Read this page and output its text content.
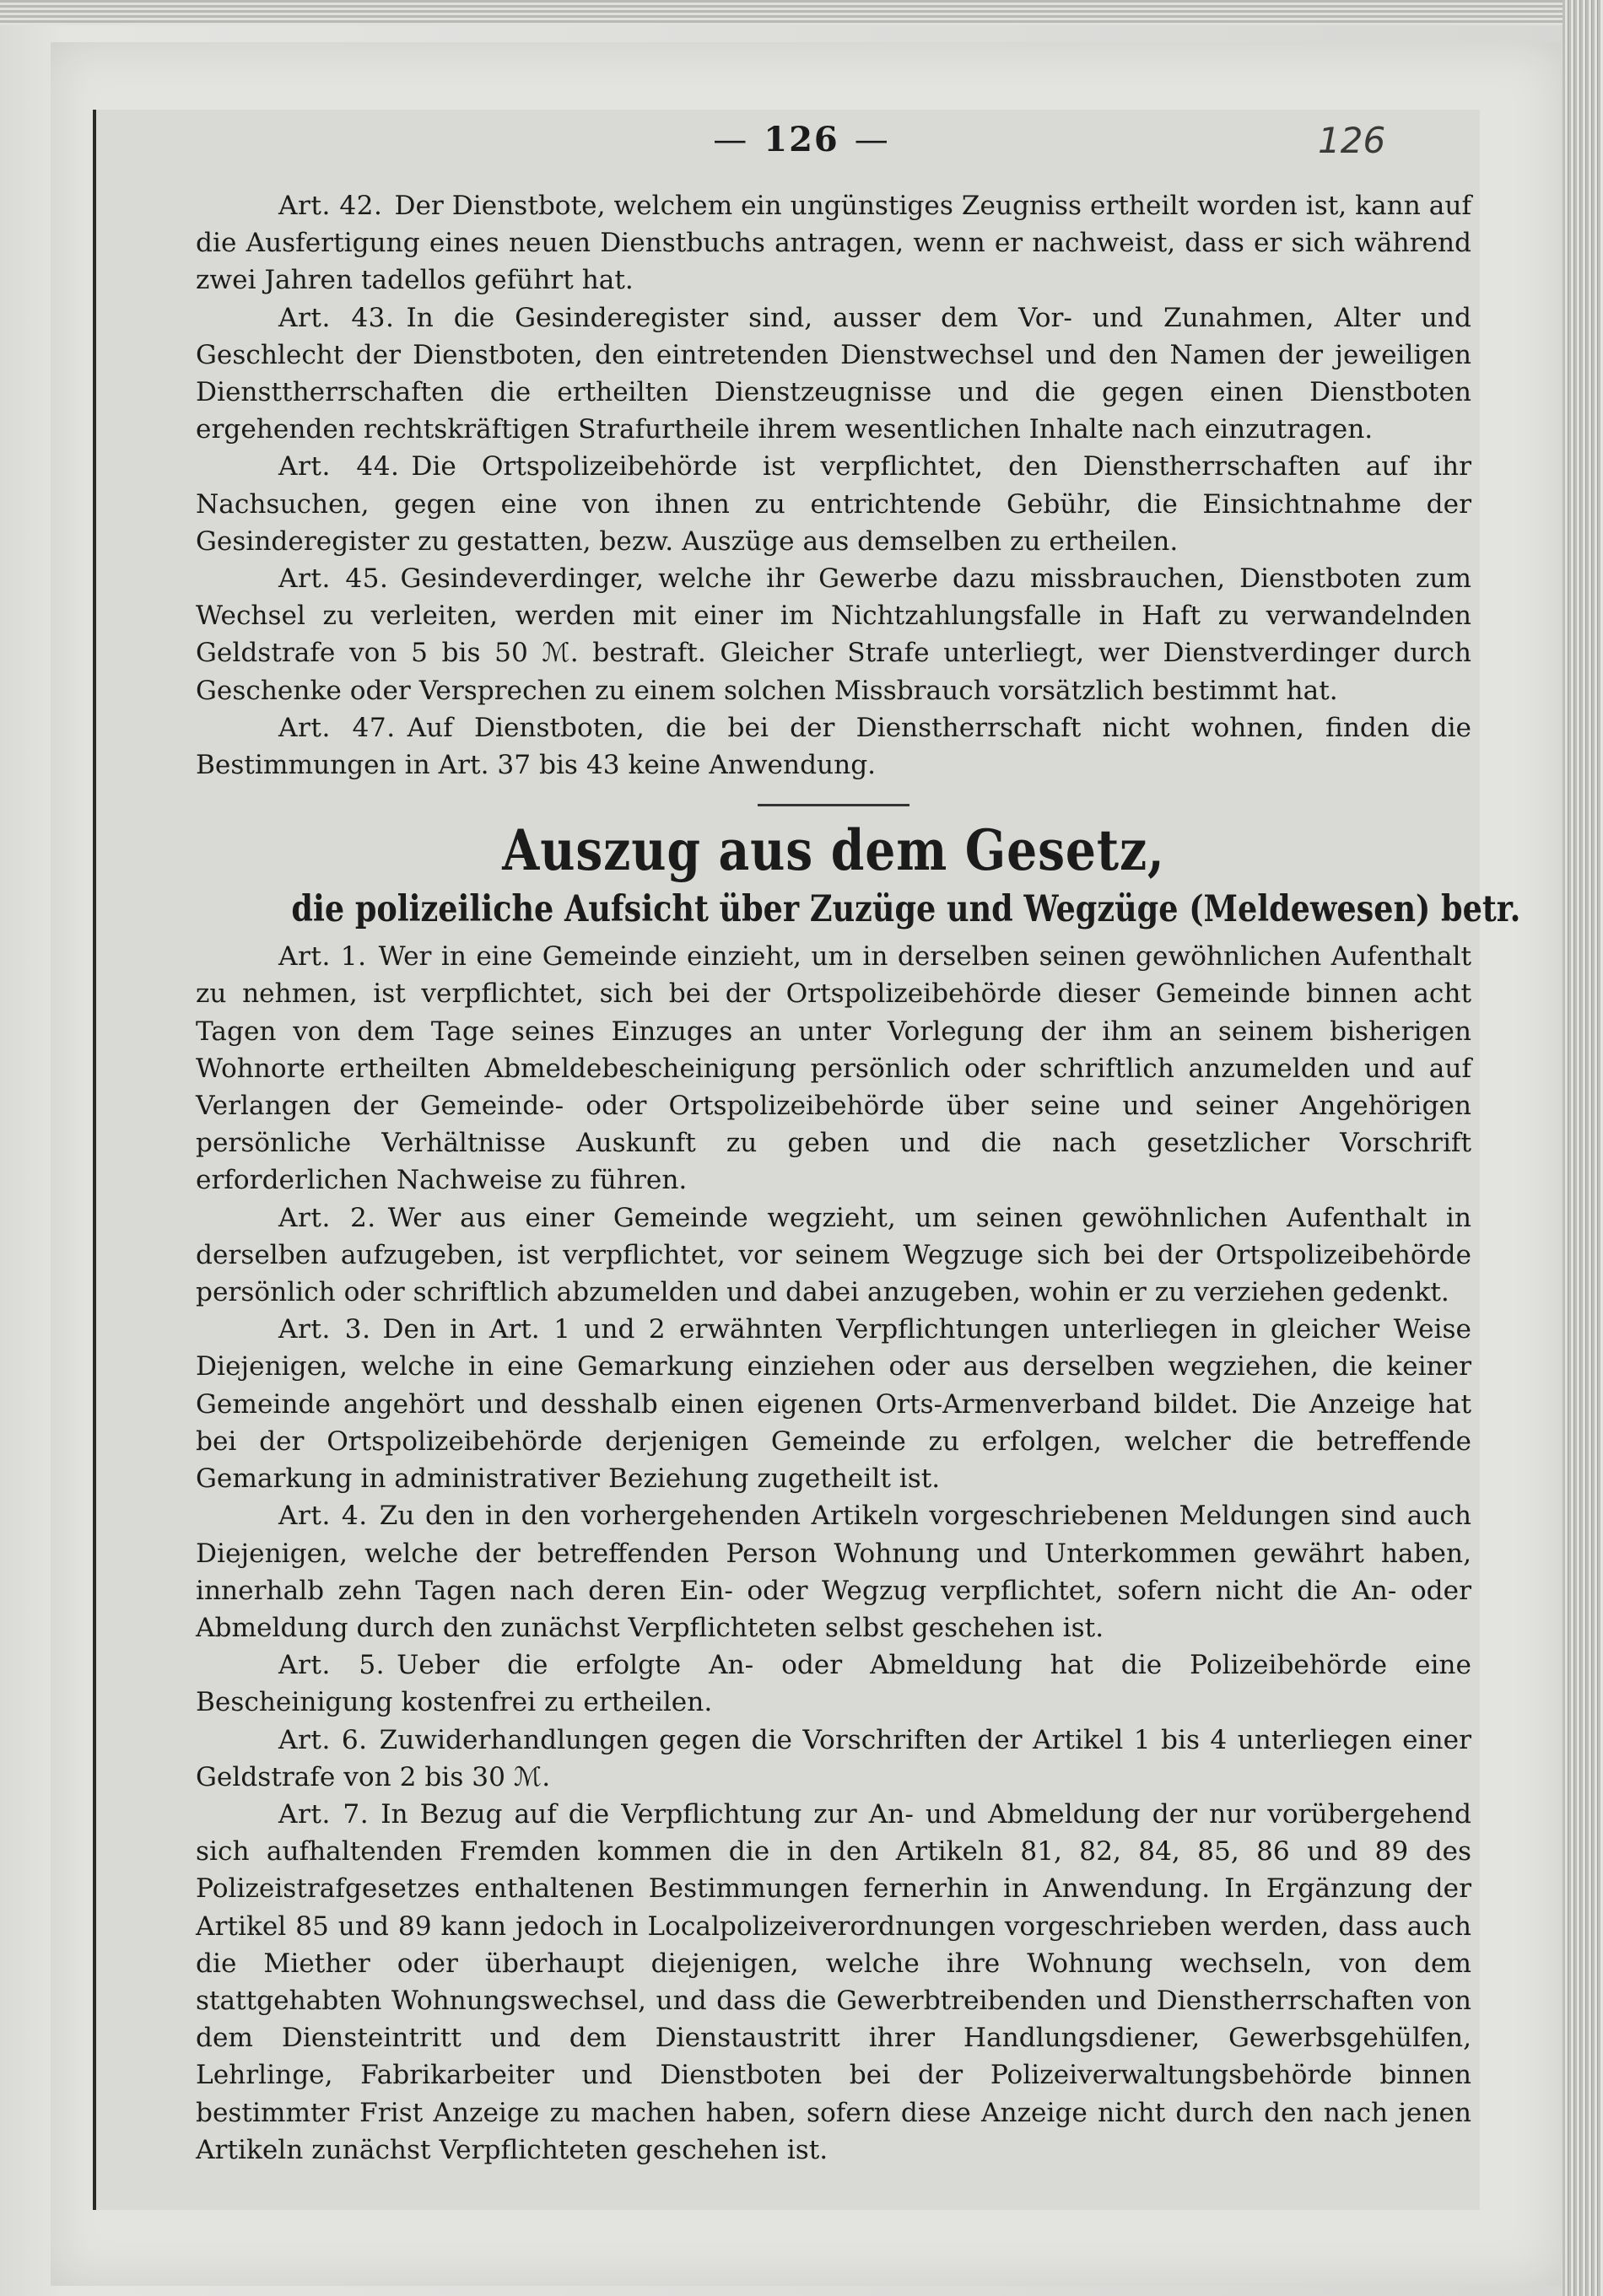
— 126 —	126

Art. 42. Der Dienstbote, welchem ein ungünstiges Zeugniss ertheilt worden ist, kann auf die Ausfertigung eines neuen Dienstbuchs antragen, wenn er nachweist, dass er sich während zwei Jahren tadellos geführt hat.

Art. 43. In die Gesinderegister sind, ausser dem Vor- und Zunahmen, Alter und Geschlecht der Dienstboten, den eintretenden Dienstwechsel und den Namen der jeweiligen Diensttherrschaften die ertheilten Dienstzeugnisse und die gegen einen Dienstboten ergehenden rechtskräftigen Strafurtheile ihrem wesentlichen Inhalte nach einzutragen.

Art. 44. Die Ortspolizeibehörde ist verpflichtet, den Dienstherrschaften auf ihr Nachsuchen, gegen eine von ihnen zu entrichtende Gebühr, die Einsichtnahme der Gesinderegister zu gestatten, bezw. Auszüge aus demselben zu ertheilen.

Art. 45. Gesindeverdinger, welche ihr Gewerbe dazu missbrauchen, Dienstboten zum Wechsel zu verleiten, werden mit einer im Nichtzahlungsfalle in Haft zu verwandelnden Geldstrafe von 5 bis 50 ℳ. bestraft. Gleicher Strafe unterliegt, wer Dienstverdinger durch Geschenke oder Versprechen zu einem solchen Missbrauch vorsätzlich bestimmt hat.

Art. 47. Auf Dienstboten, die bei der Dienstherrschaft nicht wohnen, finden die Bestimmungen in Art. 37 bis 43 keine Anwendung.

Auszug aus dem Gesetz,
die polizeiliche Aufsicht über Zuzüge und Wegzüge (Meldewesen) betr.

Art. 1. Wer in eine Gemeinde einzieht, um in derselben seinen gewöhnlichen Aufenthalt zu nehmen, ist verpflichtet, sich bei der Ortspolizeibehörde dieser Gemeinde binnen acht Tagen von dem Tage seines Einzuges an unter Vorlegung der ihm an seinem bisherigen Wohnorte ertheilten Abmeldebescheinigung persönlich oder schriftlich anzumelden und auf Verlangen der Gemeinde- oder Ortspolizeibehörde über seine und seiner Angehörigen persönliche Verhältnisse Auskunft zu geben und die nach gesetzlicher Vorschrift erforderlichen Nachweise zu führen.

Art. 2. Wer aus einer Gemeinde wegzieht, um seinen gewöhnlichen Aufenthalt in derselben aufzugeben, ist verpflichtet, vor seinem Wegzuge sich bei der Ortspolizeibehörde persönlich oder schriftlich abzumelden und dabei anzugeben, wohin er zu verziehen gedenkt.

Art. 3. Den in Art. 1 und 2 erwähnten Verpflichtungen unterliegen in gleicher Weise Diejenigen, welche in eine Gemarkung einziehen oder aus derselben wegziehen, die keiner Gemeinde angehört und desshalb einen eigenen Orts-Armenverband bildet. Die Anzeige hat bei der Ortspolizeibehörde derjenigen Gemeinde zu erfolgen, welcher die betreffende Gemarkung in administrativer Beziehung zugetheilt ist.

Art. 4. Zu den in den vorhergehenden Artikeln vorgeschriebenen Meldungen sind auch Diejenigen, welche der betreffenden Person Wohnung und Unterkommen gewährt haben, innerhalb zehn Tagen nach deren Ein- oder Wegzug verpflichtet, sofern nicht die An- oder Abmeldung durch den zunächst Verpflichteten selbst geschehen ist.

Art. 5. Ueber die erfolgte An- oder Abmeldung hat die Polizeibehörde eine Bescheinigung kostenfrei zu ertheilen.

Art. 6. Zuwiderhandlungen gegen die Vorschriften der Artikel 1 bis 4 unterliegen einer Geldstrafe von 2 bis 30 ℳ.

Art. 7. In Bezug auf die Verpflichtung zur An- und Abmeldung der nur vorübergehend sich aufhaltenden Fremden kommen die in den Artikeln 81, 82, 84, 85, 86 und 89 des Polizeistrafgesetzes enthaltenen Bestimmungen fernerhin in Anwendung. In Ergänzung der Artikel 85 und 89 kann jedoch in Localpolizeiverordnungen vorgeschrieben werden, dass auch die Miether oder überhaupt diejenigen, welche ihre Wohnung wechseln, von dem stattgehabten Wohnungswechsel, und dass die Gewerbtreibenden und Dienstherrschaften von dem Diensteintritt und dem Dienstaustritt ihrer Handlungsdiener, Gewerbsgehülfen, Lehrlinge, Fabrikarbeiter und Dienstboten bei der Polizeiverwaltungsbehörde binnen bestimmter Frist Anzeige zu machen haben, sofern diese Anzeige nicht durch den nach jenen Artikeln zunächst Verpflichteten geschehen ist.
